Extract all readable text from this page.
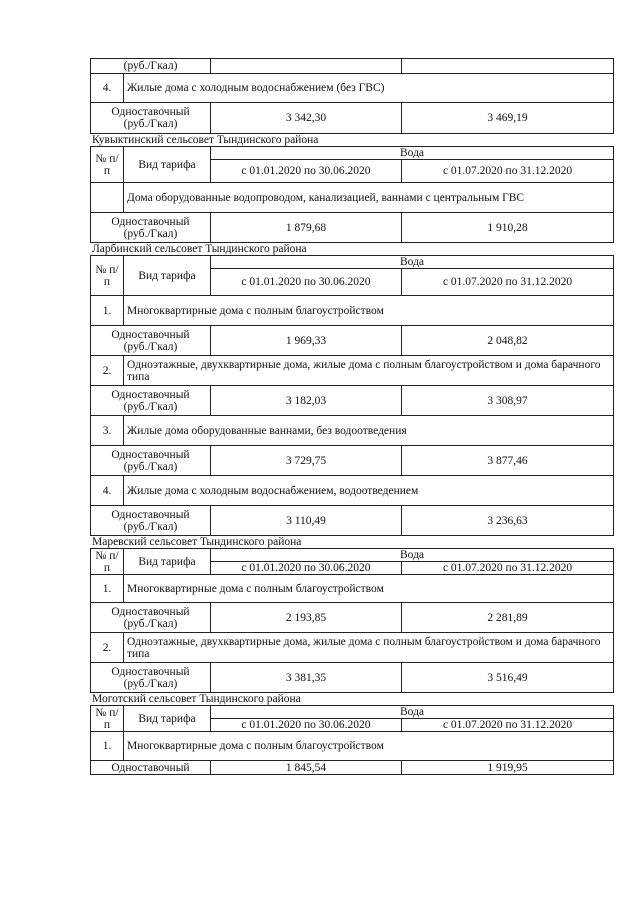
(руб./Гкал)			
4.	Жилые дома с холодным водоснабжением (без ГВС)		
Одноставочный
(руб./Гкал)		3 342,30	3 469,19
Кувыктинский сельсовет Тындинского района
№ п/п	Вид тарифа	Вода	
		с 01.01.2020 по 30.06.2020	с 01.07.2020 по 31.12.2020
	Дома оборудованные водопроводом, канализацией, ваннами с центральным ГВС		
Одноставочный
(руб./Гкал)		1 879,68	1 910,28
Ларбинский сельсовет Тындинского района
№ п/п	Вид тарифа	Вода	
		с 01.01.2020 по 30.06.2020	с 01.07.2020 по 31.12.2020
1.	Многоквартирные дома с полным благоустройством		
Одноставочный
(руб./Гкал)		1 969,33	2 048,82
2.	Одноэтажные, двухквартирные дома, жилые дома с полным благоустройством и дома барачного типа		
Одноставочный
(руб./Гкал)		3 182,03	3 308,97
3.	Жилые дома оборудованные ваннами, без водоотведения		
Одноставочный
(руб./Гкал)		3 729,75	3 877,46
4.	Жилые дома с холодным водоснабжением, водоотведением		
Одноставочный
(руб./Гкал)		3 110,49	3 236,63
Маревский сельсовет Тындинского района
№ п/п	Вид тарифа	Вода	
		с 01.01.2020 по 30.06.2020	с 01.07.2020 по 31.12.2020
1.	Многоквартирные дома с полным благоустройством		
Одноставочный
(руб./Гкал)		2 193,85	2 281,89
2.	Одноэтажные, двухквартирные дома, жилые дома с полным благоустройством и дома барачного типа		
Одноставочный
(руб./Гкал)		3 381,35	3 516,49
Моготский сельсовет Тындинского района
№ п/п	Вид тарифа	Вода	
		с 01.01.2020 по 30.06.2020	с 01.07.2020 по 31.12.2020
1.	Многоквартирные дома с полным благоустройством		
Одноставочный		1 845,54	1 919,95
